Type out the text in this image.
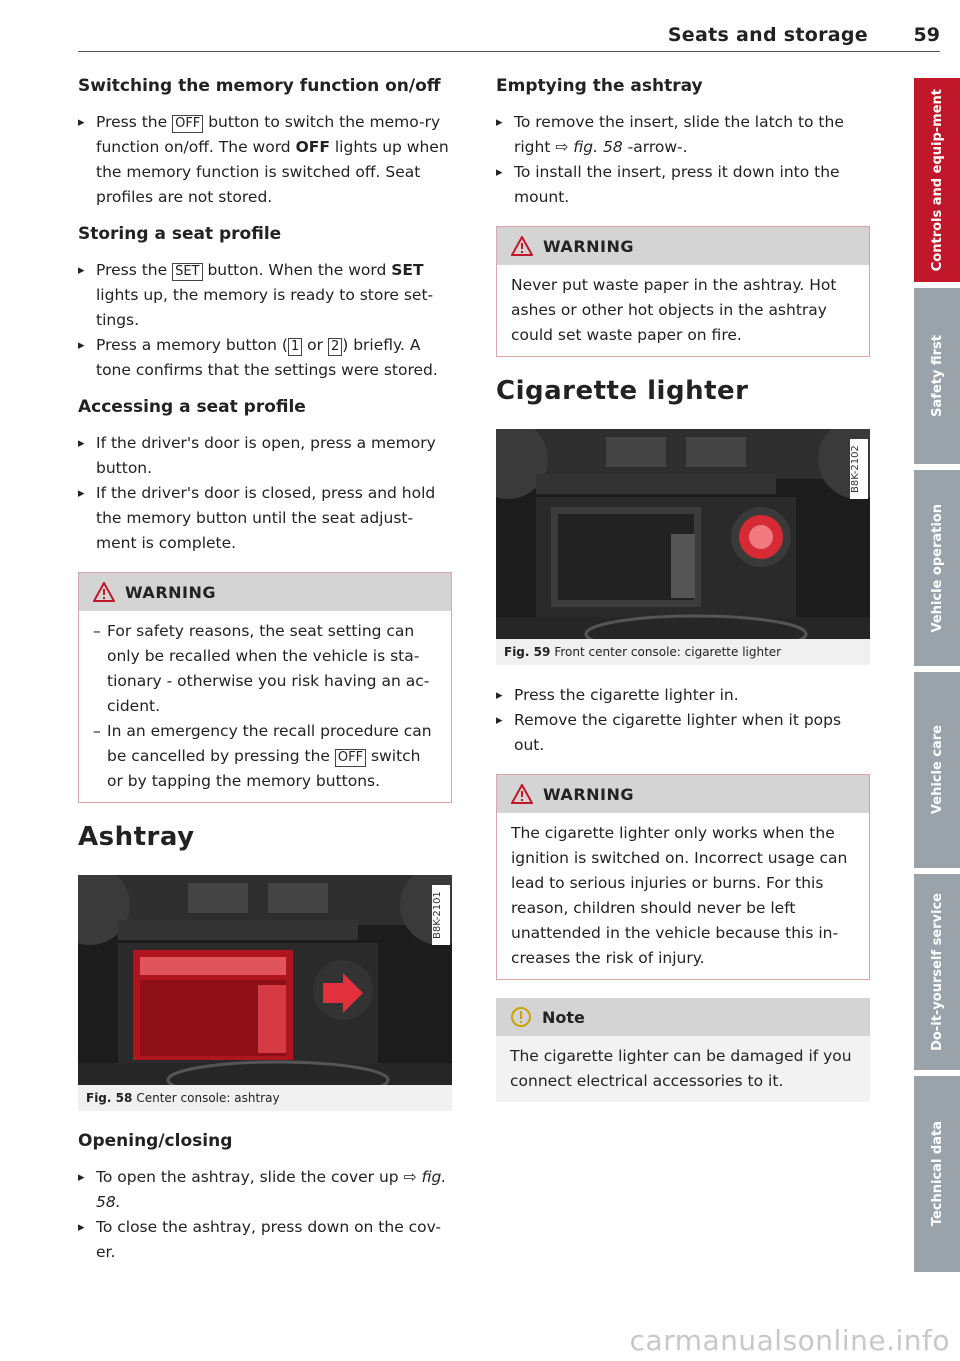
Seats and storage 59
Switching the memory function on/off
▸ Press the OFF button to switch the memo-ry function on/off. The word OFF lights up when the memory function is switched off. Seat profiles are not stored.
Storing a seat profile
▸ Press the SET button. When the word SET lights up, the memory is ready to store set-tings.
▸ Press a memory button ( 1 or 2 ) briefly. A tone confirms that the settings were stored.
Accessing a seat profile
▸ If the driver's door is open, press a memory button.
▸ If the driver's door is closed, press and hold the memory button until the seat adjust-ment is complete.
WARNING
– For safety reasons, the seat setting can only be recalled when the vehicle is sta-tionary - otherwise you risk having an ac-cident.
– In an emergency the recall procedure can be cancelled by pressing the OFF switch or by tapping the memory buttons.
Ashtray
B8K-2101
Fig. 58 Center console: ashtray
Opening/closing
▸ To open the ashtray, slide the cover up ⇨ fig. 58.
▸ To close the ashtray, press down on the cov-er.
Emptying the ashtray
▸ To remove the insert, slide the latch to the right ⇨ fig. 58 -arrow-.
▸ To install the insert, press it down into the mount.
WARNING
Never put waste paper in the ashtray. Hot ashes or other hot objects in the ashtray could set waste paper on fire.
Cigarette lighter
B8K-2102
Fig. 59 Front center console: cigarette lighter
▸ Press the cigarette lighter in.
▸ Remove the cigarette lighter when it pops out.
WARNING
The cigarette lighter only works when the ignition is switched on. Incorrect usage can lead to serious injuries or burns. For this reason, children should never be left unattended in the vehicle because this in-creases the risk of injury.
Note
The cigarette lighter can be damaged if you connect electrical accessories to it.
Controls and equip-ment
Safety first
Vehicle operation
Vehicle care
Do-it-yourself service
Technical data
carmanualsonline.info
